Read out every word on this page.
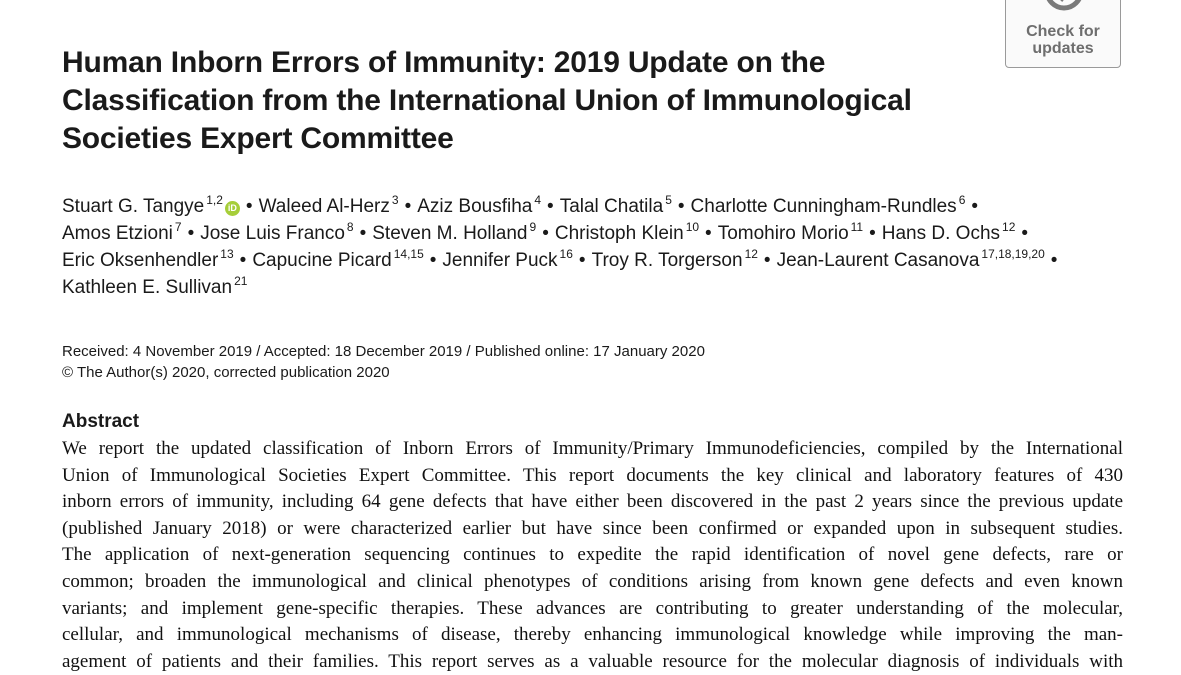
Check for
updates
Human Inborn Errors of Immunity: 2019 Update on the Classification from the International Union of Immunological Societies Expert Committee
Stuart G. Tangye $^{1,2}$iD • Waleed Al-Herz $^3$ • Aziz Bousfiha $^4$ • Talal Chatila $^5$ • Charlotte Cunningham-Rundles $^6$ •
Amos Etzioni $^7$ • Jose Luis Franco $^8$ • Steven M. Holland $^9$ • Christoph Klein $^{10}$ • Tomohiro Morio $^{11}$ • Hans D. Ochs $^{12}$ •
Eric Oksenhendler $^{13}$ • Capucine Picard $^{14,15}$ • Jennifer Puck $^{16}$ • Troy R. Torgerson $^{12}$ • Jean-Laurent Casanova $^{17,18,19,20}$ •
Kathleen E. Sullivan $^{21}$
Received: 4 November 2019 / Accepted: 18 December 2019 / Published online: 17 January 2020
© The Author(s) 2020, corrected publication 2020
Abstract
We report the updated classification of Inborn Errors of Immunity/Primary Immunodeficiencies, compiled by the International
Union of Immunological Societies Expert Committee. This report documents the key clinical and laboratory features of 430
inborn errors of immunity, including 64 gene defects that have either been discovered in the past 2 years since the previous update
(published January 2018) or were characterized earlier but have since been confirmed or expanded upon in subsequent studies.
The application of next-generation sequencing continues to expedite the rapid identification of novel gene defects, rare or
common; broaden the immunological and clinical phenotypes of conditions arising from known gene defects and even known
variants; and implement gene-specific therapies. These advances are contributing to greater understanding of the molecular,
cellular, and immunological mechanisms of disease, thereby enhancing immunological knowledge while improving the man-
agement of patients and their families. This report serves as a valuable resource for the molecular diagnosis of individuals with
